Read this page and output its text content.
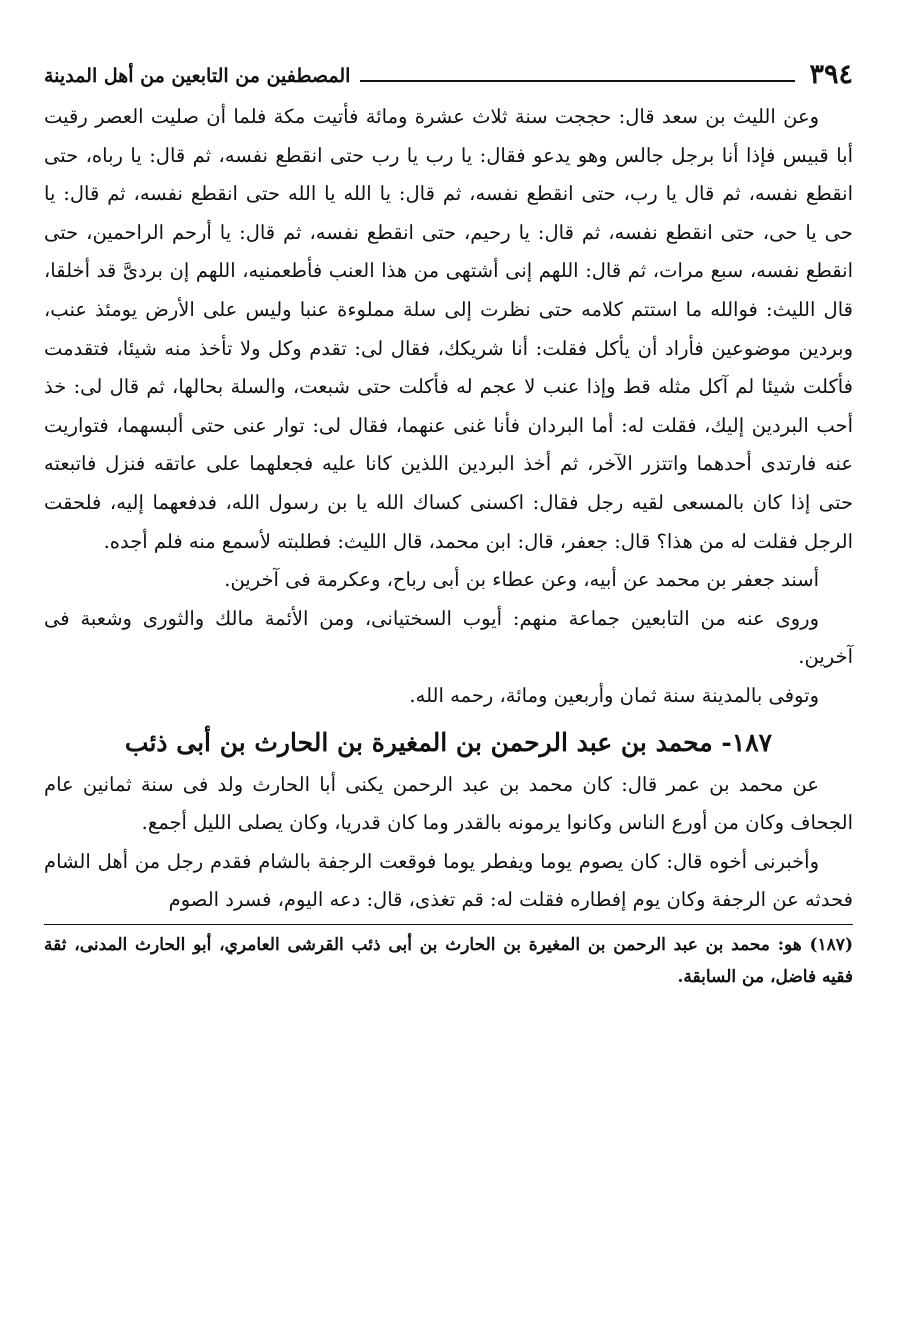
٣٩٤
المصطفين من التابعين من أهل المدينة

وعن الليث بن سعد قال: حججت سنة ثلاث عشرة ومائة فأتيت مكة فلما أن صليت العصر رقيت أبا قبيس فإذا أنا برجل جالس وهو يدعو فقال: يا رب يا رب حتى انقطع نفسه، ثم قال: يا رباه، حتى انقطع نفسه، ثم قال يا رب، حتى انقطع نفسه، ثم قال: يا الله يا الله حتى انقطع نفسه، ثم قال: يا حى يا حى، حتى انقطع نفسه، ثم قال: يا رحيم، حتى انقطع نفسه، ثم قال: يا أرحم الراحمين، حتى انقطع نفسه، سبع مرات، ثم قال: اللهم إنى أشتهى من هذا العنب فأطعمنيه، اللهم إن بردىَّ قد أخلقا، قال الليث: فوالله ما استتم كلامه حتى نظرت إلى سلة مملوءة عنبا وليس على الأرض يومئذ عنب، وبردين موضوعين فأراد أن يأكل فقلت: أنا شريكك، فقال لى: تقدم وكل ولا تأخذ منه شيئا، فتقدمت فأكلت شيئا لم آكل مثله قط وإذا عنب لا عجم له فأكلت حتى شبعت، والسلة بحالها، ثم قال لى: خذ أحب البردين إليك، فقلت له: أما البردان فأنا غنى عنهما، فقال لى: توار عنى حتى ألبسهما، فتواريت عنه فارتدى أحدهما واتتزر الآخر، ثم أخذ البردين اللذين كانا عليه فجعلهما على عاتقه فنزل فاتبعته حتى إذا كان بالمسعى لقيه رجل فقال: اكسنى كساك الله يا بن رسول الله، فدفعهما إليه، فلحقت الرجل فقلت له من هذا؟ قال: جعفر، قال: ابن محمد، قال الليث: فطلبته لأسمع منه فلم أجده.

أسند جعفر بن محمد عن أبيه، وعن عطاء بن أبى رباح، وعكرمة فى آخرين.

وروى عنه من التابعين جماعة منهم: أيوب السختيانى، ومن الأئمة مالك والثورى وشعبة فى آخرين.

وتوفى بالمدينة سنة ثمان وأربعين ومائة، رحمه الله.

١٨٧- محمد بن عبد الرحمن بن المغيرة بن الحارث بن أبى ذئب

عن محمد بن عمر قال: كان محمد بن عبد الرحمن يكنى أبا الحارث ولد فى سنة ثمانين عام الجحاف وكان من أورع الناس وكانوا يرمونه بالقدر وما كان قدريا، وكان يصلى الليل أجمع.

وأخبرنى أخوه قال: كان يصوم يوما ويفطر يوما فوقعت الرجفة بالشام فقدم رجل من أهل الشام فحدثه عن الرجفة وكان يوم إفطاره فقلت له: قم تغذى، قال: دعه اليوم، فسرد الصوم

(١٨٧) هو: محمد بن عبد الرحمن بن المغيرة بن الحارث بن أبى ذئب القرشى العامري، أبو الحارث المدنى، ثقة فقيه فاضل، من السابقة.
